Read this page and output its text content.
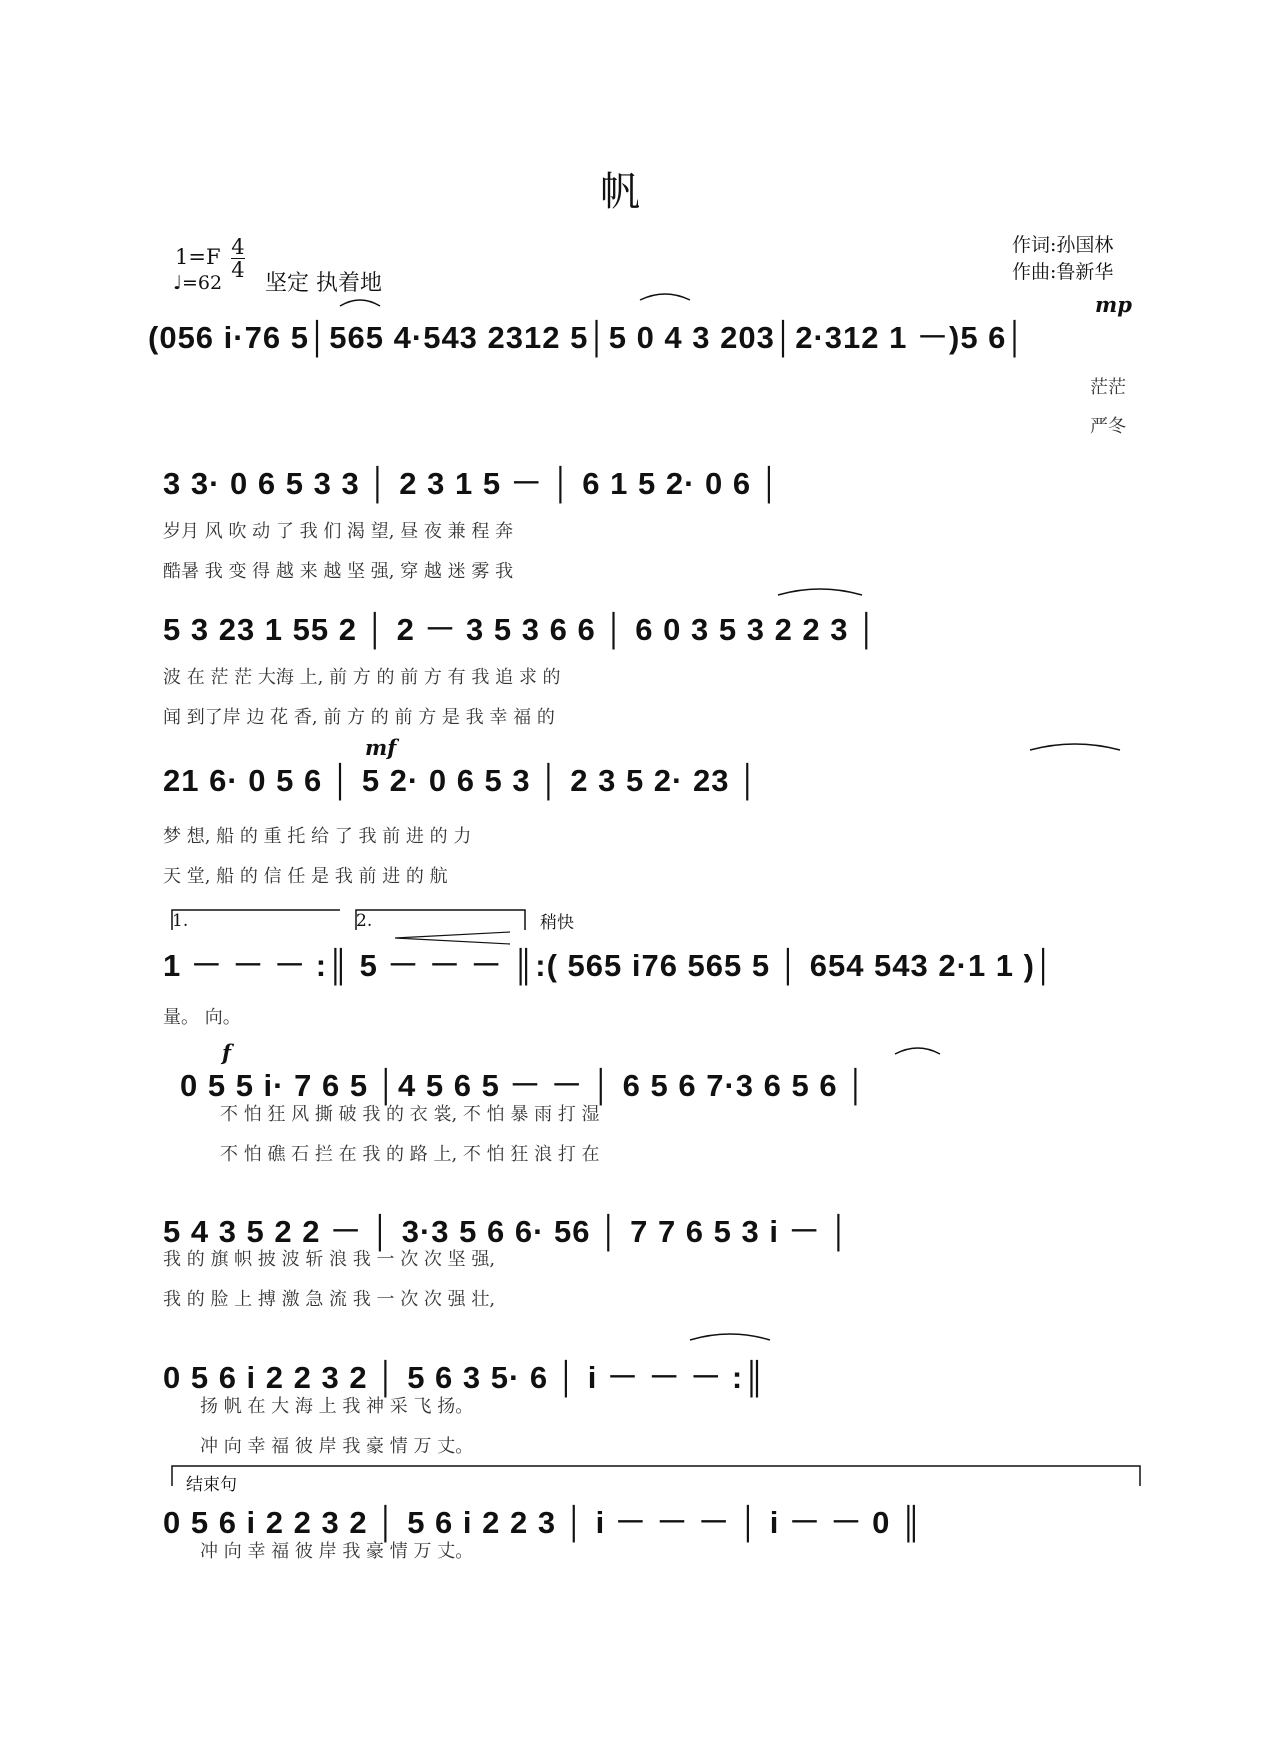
帆
作词:孙国林
作曲:鲁新华
$1=F \frac{4}{4}$
♩=62 坚定 执着地
mp
mf
f
1.	2.	稍快
结束句
(056 i·76 5│565 4·543 2312 5│5 0 4 3 203│2·312 1 －)5 6│
茫茫
严冬
3 3· 0 6 5 3 3 │ 2 3 1 5 － │ 6 1 5 2· 0 6 │
岁月 风 吹 动 了 我 们 渴 望, 昼 夜 兼 程 奔
酷暑 我 变 得 越 来 越 坚 强, 穿 越 迷 雾 我
5 3 23 1 55 2 │ 2 － 3 5 3 6 6 │ 6 0 3 5 3 2 2 3 │
波 在 茫 茫 大海 上, 前 方 的 前 方 有 我 追 求 的
闻 到了岸 边 花 香, 前 方 的 前 方 是 我 幸 福 的
21 6· 0 5 6 │ 5 2· 0 6 5 3 │ 2 3 5 2· 23 │
梦 想, 船 的 重 托 给 了 我 前 进 的 力
天 堂, 船 的 信 任 是 我 前 进 的 航
1 － － － :║ 5 － － － ║:( 565 i76 565 5 │ 654 543 2·1 1 )│
量。 向。
0 5 5 i· 7 6 5 │4 5 6 5 － － │ 6 5 6 7·3 6 5 6 │
不 怕 狂 风 撕 破 我 的 衣 裳, 不 怕 暴 雨 打 湿
不 怕 礁 石 拦 在 我 的 路 上, 不 怕 狂 浪 打 在
5 4 3 5 2 2 － │ 3·3 5 6 6· 56 │ 7 7 6 5 3 i － │
我 的 旗 帜 披 波 斩 浪 我 一 次 次 坚 强,
我 的 脸 上 搏 激 急 流 我 一 次 次 强 壮,
0 5 6 i 2 2 3 2 │ 5 6 3 5· 6 │ i － － － :║
扬 帆 在 大 海 上 我 神 采 飞 扬。
冲 向 幸 福 彼 岸 我 豪 情 万 丈。
0 5 6 i 2 2 3 2 │ 5 6 i 2 2 3 │ i － － － │ i － － 0 ║
冲 向 幸 福 彼 岸 我 豪 情 万 丈。
